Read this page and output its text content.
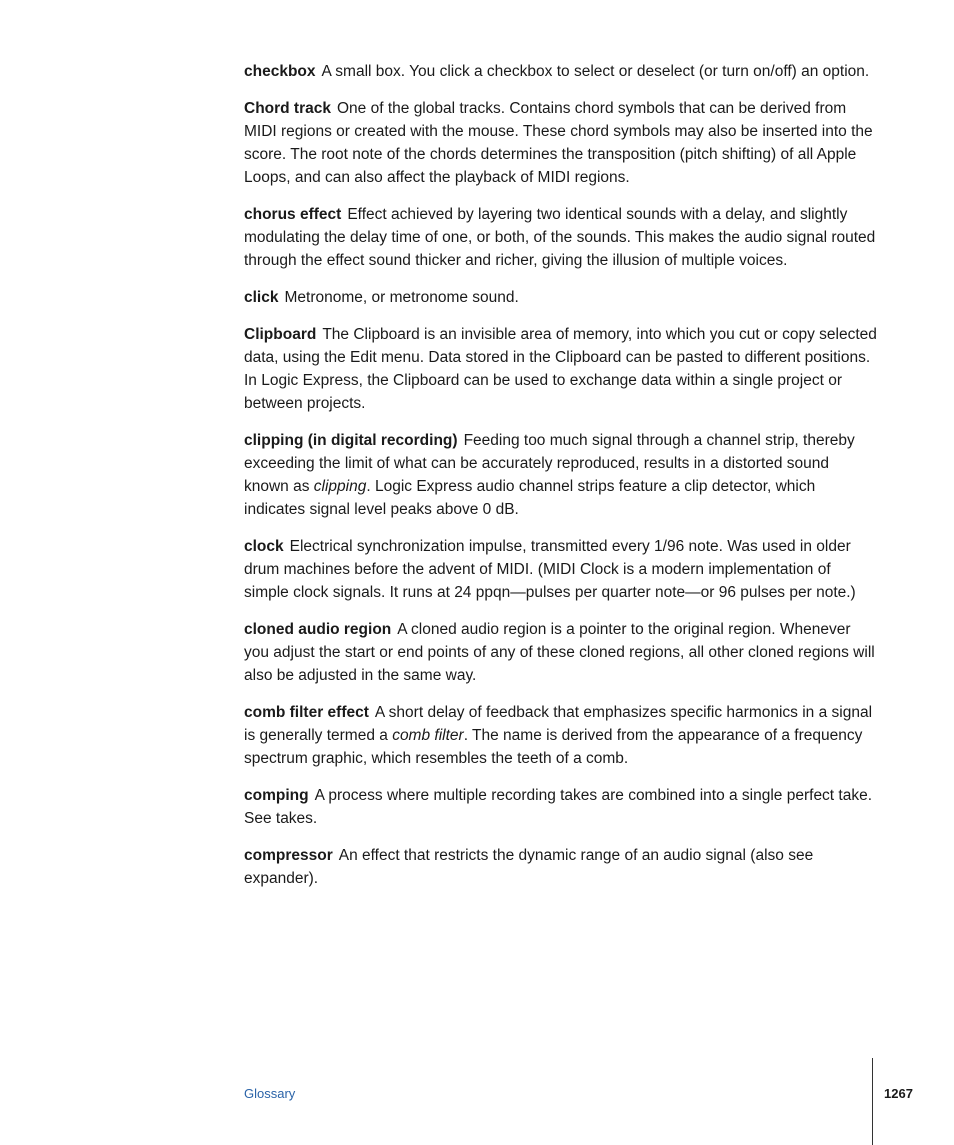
checkbox A small box. You click a checkbox to select or deselect (or turn on/off) an option.

Chord track One of the global tracks. Contains chord symbols that can be derived from MIDI regions or created with the mouse. These chord symbols may also be inserted into the score. The root note of the chords determines the transposition (pitch shifting) of all Apple Loops, and can also affect the playback of MIDI regions.

chorus effect Effect achieved by layering two identical sounds with a delay, and slightly modulating the delay time of one, or both, of the sounds. This makes the audio signal routed through the effect sound thicker and richer, giving the illusion of multiple voices.

click Metronome, or metronome sound.

Clipboard The Clipboard is an invisible area of memory, into which you cut or copy selected data, using the Edit menu. Data stored in the Clipboard can be pasted to different positions. In Logic Express, the Clipboard can be used to exchange data within a single project or between projects.

clipping (in digital recording) Feeding too much signal through a channel strip, thereby exceeding the limit of what can be accurately reproduced, results in a distorted sound known as clipping. Logic Express audio channel strips feature a clip detector, which indicates signal level peaks above 0 dB.

clock Electrical synchronization impulse, transmitted every 1/96 note. Was used in older drum machines before the advent of MIDI. (MIDI Clock is a modern implementation of simple clock signals. It runs at 24 ppqn—pulses per quarter note—or 96 pulses per note.)

cloned audio region A cloned audio region is a pointer to the original region. Whenever you adjust the start or end points of any of these cloned regions, all other cloned regions will also be adjusted in the same way.

comb filter effect A short delay of feedback that emphasizes specific harmonics in a signal is generally termed a comb filter. The name is derived from the appearance of a frequency spectrum graphic, which resembles the teeth of a comb.

comping A process where multiple recording takes are combined into a single perfect take. See takes.

compressor An effect that restricts the dynamic range of an audio signal (also see expander).

Glossary	1267
